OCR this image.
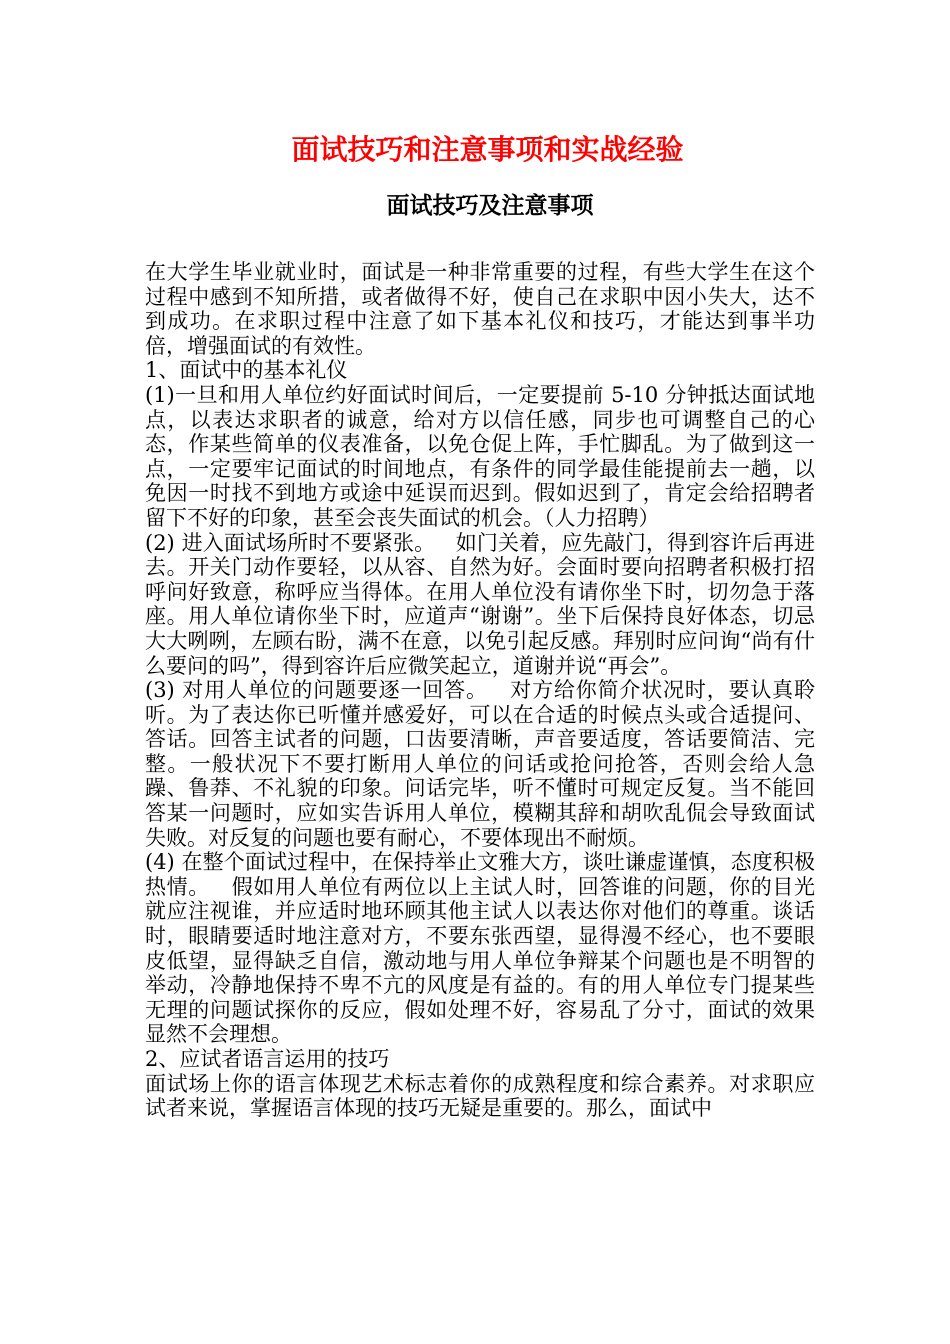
面试技巧和注意事项和实战经验
面试技巧及注意事项

在大学生毕业就业时，面试是一种非常重要的过程，有些大学生在这个过程中感到不知所措，或者做得不好，使自己在求职中因小失大，达不到成功。在求职过程中注意了如下基本礼仪和技巧，才能达到事半功倍，增强面试的有效性。

1、面试中的基本礼仪

(1)一旦和用人单位约好面试时间后，一定要提前 5-10 分钟抵达面试地点，以表达求职者的诚意，给对方以信任感，同步也可调整自己的心态，作某些简单的仪表准备，以免仓促上阵，手忙脚乱。为了做到这一点，一定要牢记面试的时间地点，有条件的同学最佳能提前去一趟，以免因一时找不到地方或途中延误而迟到。假如迟到了，肯定会给招聘者留下不好的印象，甚至会丧失面试的机会。（人力招聘）

(2) 进入面试场所时不要紧张。   如门关着，应先敲门，得到容许后再进去。开关门动作要轻，以从容、自然为好。会面时要向招聘者积极打招呼问好致意，称呼应当得体。在用人单位没有请你坐下时，切勿急于落座。用人单位请你坐下时，应道声“谢谢”。坐下后保持良好体态，切忌大大咧咧，左顾右盼，满不在意，以免引起反感。拜别时应问询“尚有什么要问的吗”，得到容许后应微笑起立，道谢并说“再会”。

(3) 对用人单位的问题要逐一回答。   对方给你简介状况时，要认真聆听。为了表达你已听懂并感爱好，可以在合适的时候点头或合适提问、答话。回答主试者的问题，口齿要清晰，声音要适度，答话要简洁、完整。一般状况下不要打断用人单位的问话或抢问抢答，否则会给人急躁、鲁莽、不礼貌的印象。问话完毕，听不懂时可规定反复。当不能回答某一问题时，应如实告诉用人单位，模糊其辞和胡吹乱侃会导致面试失败。对反复的问题也要有耐心，不要体现出不耐烦。

(4) 在整个面试过程中，在保持举止文雅大方，谈吐谦虚谨慎，态度积极热情。   假如用人单位有两位以上主试人时，回答谁的问题，你的目光就应注视谁，并应适时地环顾其他主试人以表达你对他们的尊重。谈话时，眼睛要适时地注意对方，不要东张西望，显得漫不经心，也不要眼皮低望，显得缺乏自信，激动地与用人单位争辩某个问题也是不明智的举动，冷静地保持不卑不亢的风度是有益的。有的用人单位专门提某些无理的问题试探你的反应，假如处理不好，容易乱了分寸，面试的效果显然不会理想。

2、应试者语言运用的技巧

面试场上你的语言体现艺术标志着你的成熟程度和综合素养。对求职应试者来说，掌握语言体现的技巧无疑是重要的。那么，面试中
